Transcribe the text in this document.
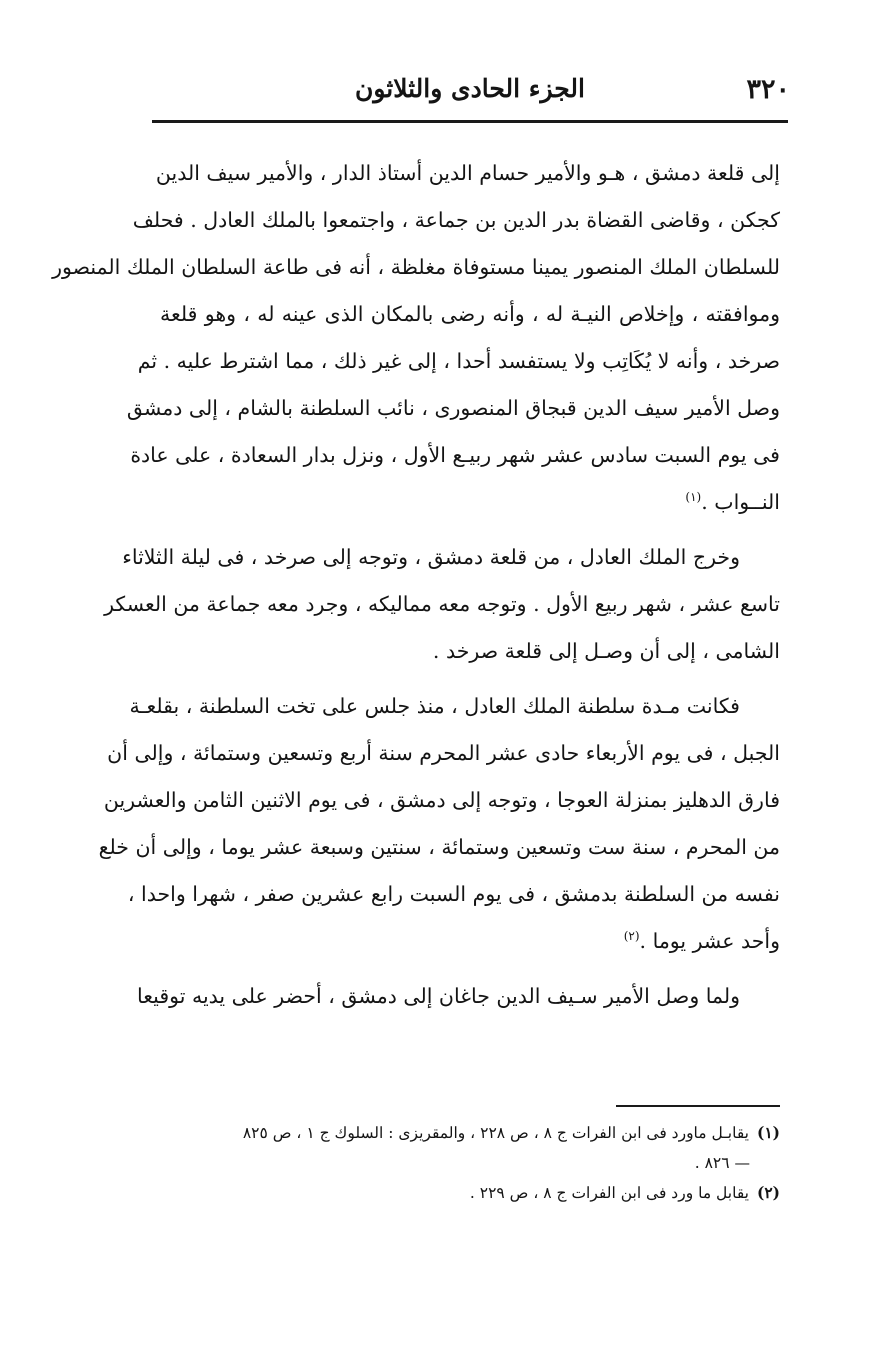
٣٢٠
الجزء الحادى والثلاثون
إلى قلعة دمشق ، هـو والأمير حسام الدين أستاذ الدار ، والأمير سيف الدين
كجكن ، وقاضى القضاة بدر الدين بن جماعة ، واجتمعوا بالملك العادل . فحلف
للسلطان الملك المنصور يمينا مستوفاة مغلظة ، أنه فى طاعة السلطان الملك المنصور
وموافقته ، وإخلاص النيـة له ، وأنه رضى بالمكان الذى عينه له ، وهو قلعة
صرخد ، وأنه لا يُكَاتِب ولا يستفسد أحدا ، إلى غير ذلك ، مما اشترط عليه . ثم
وصل الأمير سيف الدين قبجاق المنصورى ، نائب السلطنة بالشام ، إلى دمشق
فى يوم السبت سادس عشر شهر ربيـع الأول ، ونزل بدار السعادة ، على عادة
النــواب .$^{(١)}$
وخرج الملك العادل ، من قلعة دمشق ، وتوجه إلى صرخد ، فى ليلة الثلاثاء
تاسع عشر ، شهر ربيع الأول . وتوجه معه مماليكه ، وجرد معه جماعة من العسكر
الشامى ، إلى أن وصـل إلى قلعة صرخد .
فكانت مـدة سلطنة الملك العادل ، منذ جلس على تخت السلطنة ، بقلعـة
الجبل ، فى يوم الأربعاء حادى عشر المحرم سنة أربع وتسعين وستمائة ، وإلى أن
فارق الدهليز بمنزلة العوجا ، وتوجه إلى دمشق ، فى يوم الاثنين الثامن والعشرين
من المحرم ، سنة ست وتسعين وستمائة ، سنتين وسبعة عشر يوما ، وإلى أن خلع
نفسه من السلطنة بدمشق ، فى يوم السبت رابع عشرين صفر ، شهرا واحدا ،
وأحد عشر يوما .$^{(٢)}$
ولما وصل الأمير سـيف الدين جاغان إلى دمشق ، أحضر على يديه توقيعا
(١)يقابـل ماورد فى ابن الفرات ج ٨ ، ص ٢٢٨ ، والمقريزى : السلوك ج ١ ، ص ٨٢٥
— ٨٢٦ .
(٢)يقابل ما ورد فى ابن الفرات ج ٨ ، ص ٢٢٩ .
